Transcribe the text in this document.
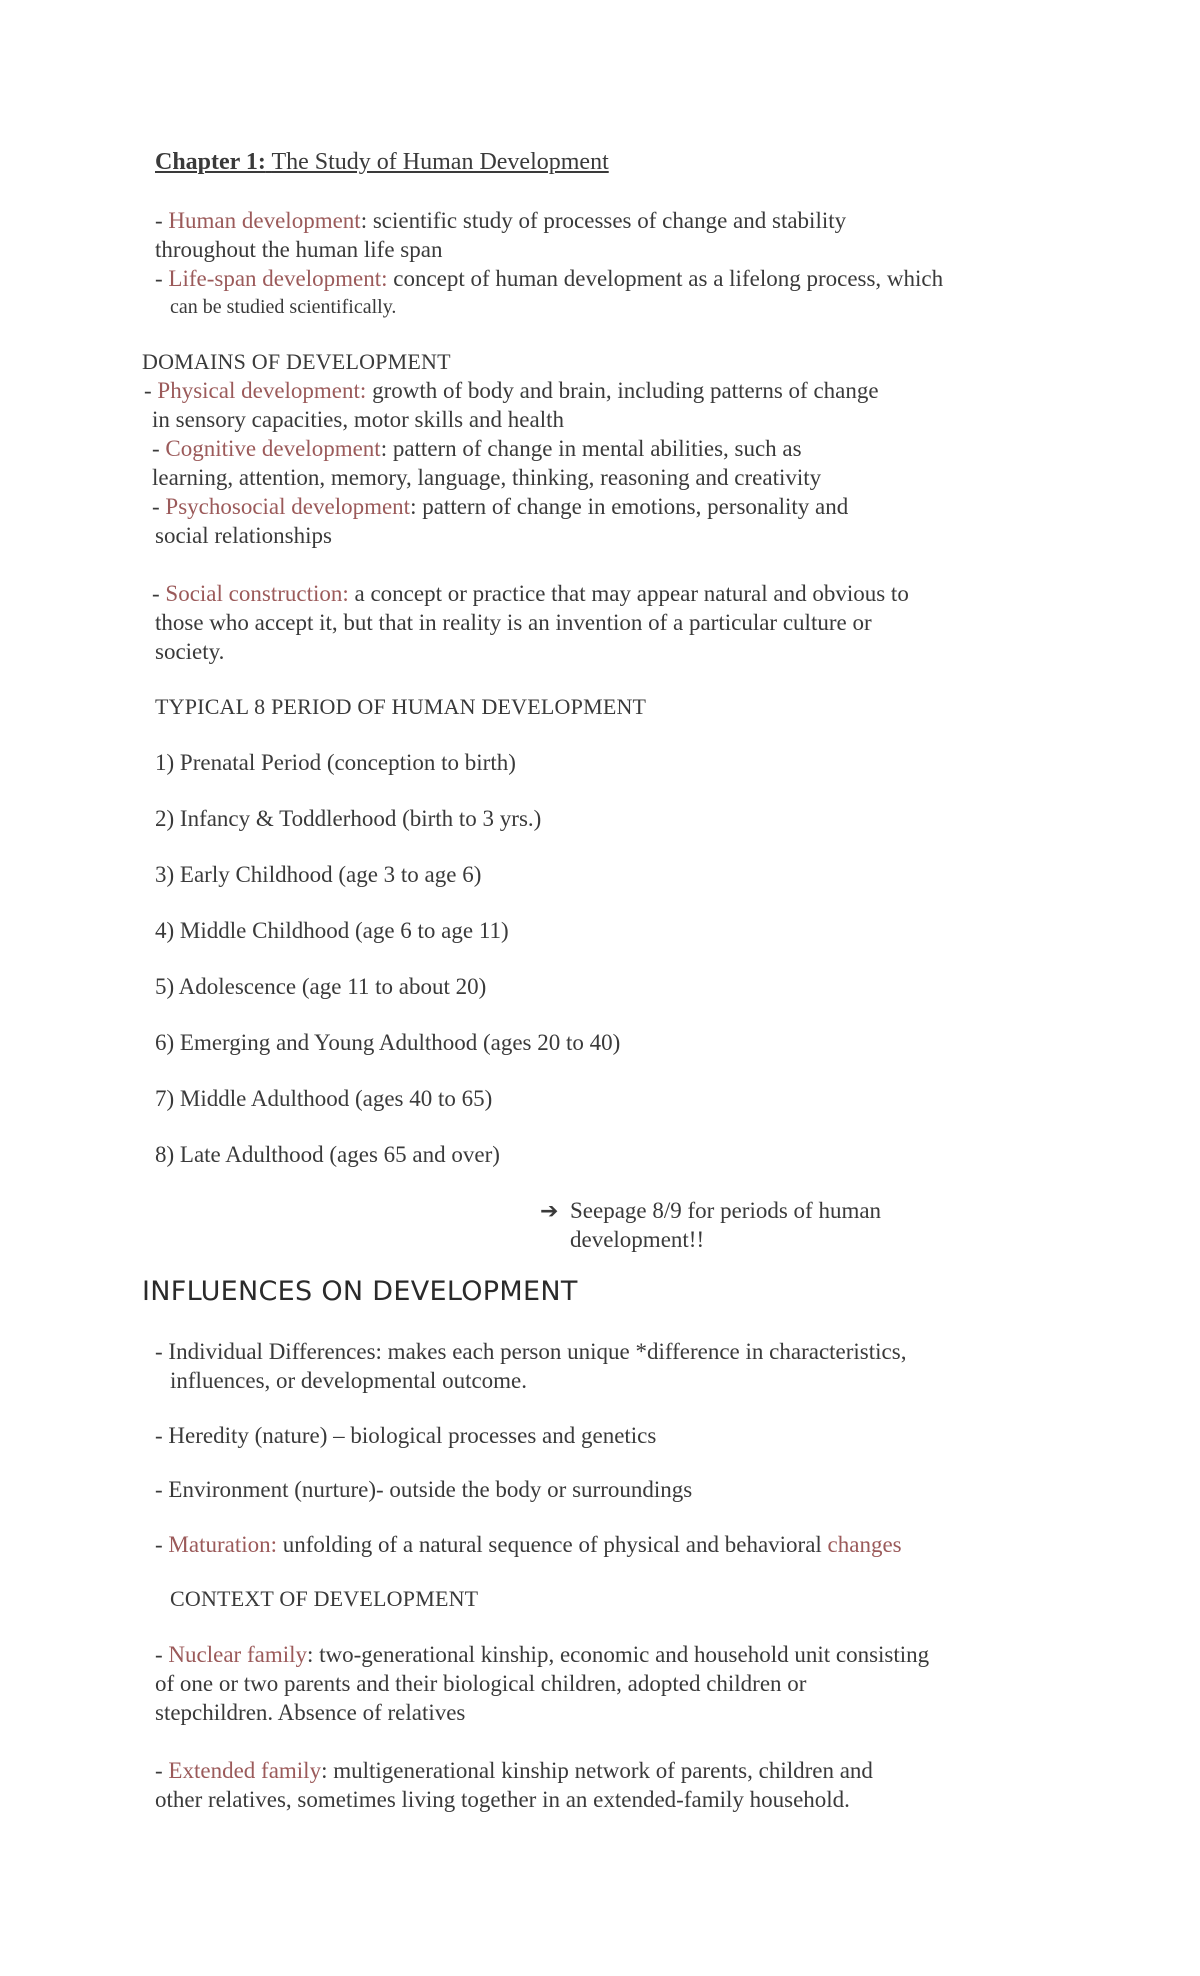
Chapter 1: The Study of Human Development
- Human development: scientific study of processes of change and stability
throughout the human life span
- Life-span development: concept of human development as a lifelong process, which
can be studied scientifically.
DOMAINS OF DEVELOPMENT
- Physical development: growth of body and brain, including patterns of change
in sensory capacities, motor skills and health
- Cognitive development: pattern of change in mental abilities, such as
learning, attention, memory, language, thinking, reasoning and creativity
- Psychosocial development: pattern of change in emotions, personality and
social relationships
- Social construction: a concept or practice that may appear natural and obvious to
those who accept it, but that in reality is an invention of a particular culture or
society.
TYPICAL 8 PERIOD OF HUMAN DEVELOPMENT
1) Prenatal Period (conception to birth)
2) Infancy & Toddlerhood (birth to 3 yrs.)
3) Early Childhood (age 3 to age 6)
4) Middle Childhood (age 6 to age 11)
5) Adolescence (age 11 to about 20)
6) Emerging and Young Adulthood (ages 20 to 40)
7) Middle Adulthood (ages 40 to 65)
8) Late Adulthood (ages 65 and over)
➔ Seepage 8/9 for periods of human
development!!
INFLUENCES ON DEVELOPMENT
- Individual Differences: makes each person unique *difference in characteristics,
influences, or developmental outcome.
- Heredity (nature) – biological processes and genetics
- Environment (nurture)- outside the body or surroundings
- Maturation: unfolding of a natural sequence of physical and behavioral changes
CONTEXT OF DEVELOPMENT
- Nuclear family: two-generational kinship, economic and household unit consisting
of one or two parents and their biological children, adopted children or
stepchildren. Absence of relatives
- Extended family: multigenerational kinship network of parents, children and
other relatives, sometimes living together in an extended-family household.
